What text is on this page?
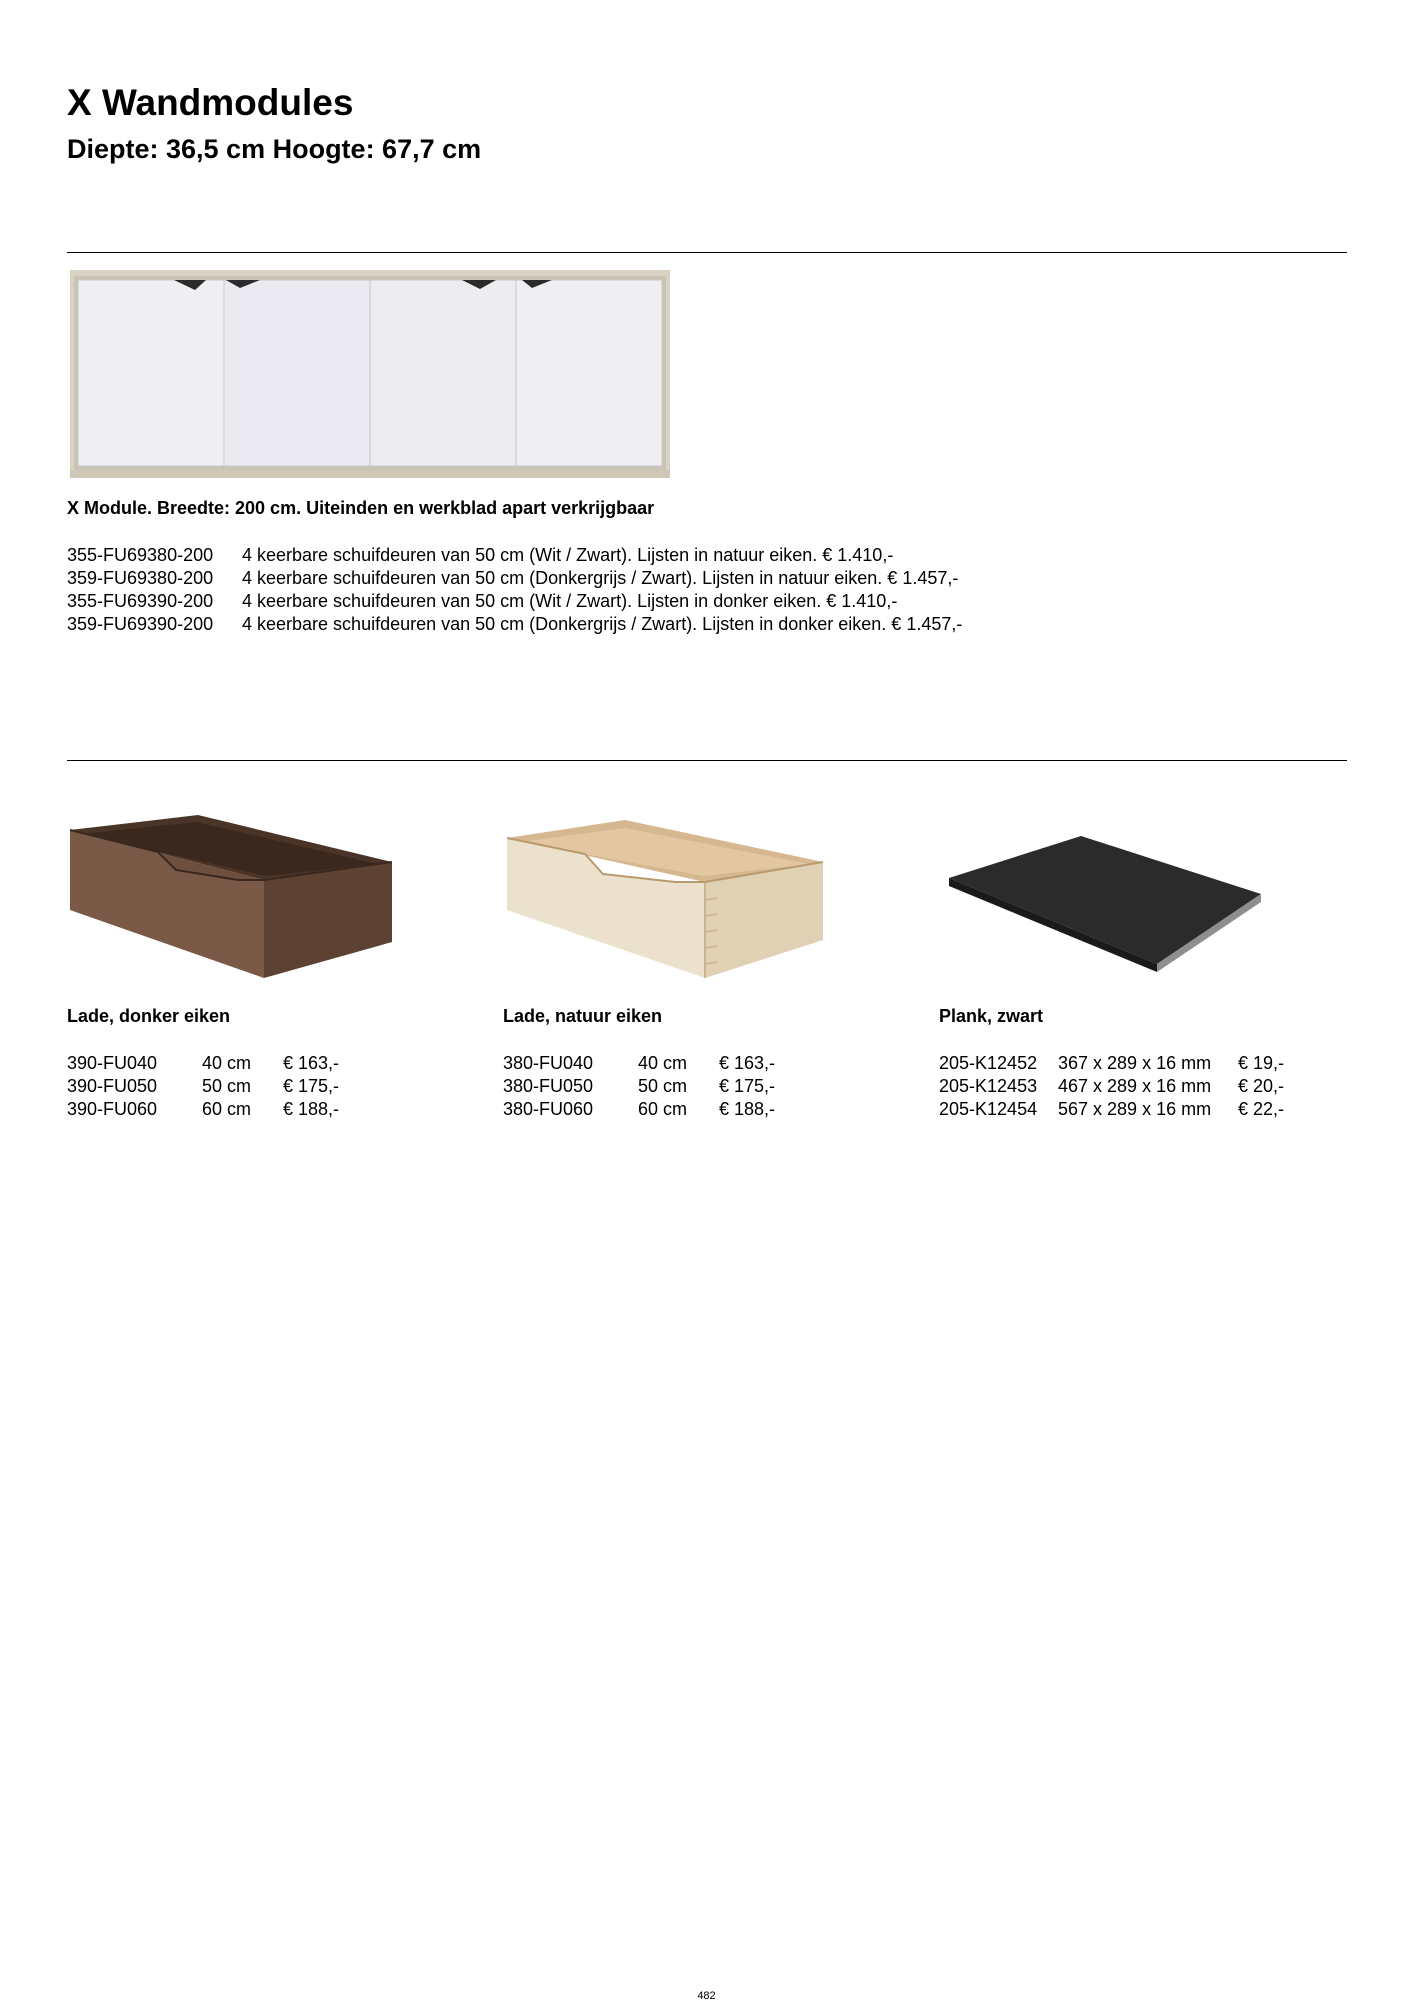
X Wandmodules
Diepte: 36,5 cm Hoogte: 67,7 cm
X Module. Breedte: 200 cm. Uiteinden en werkblad apart verkrijgbaar
355-FU69380-200 4 keerbare schuifdeuren van 50 cm (Wit / Zwart). Lijsten in natuur eiken. € 1.410,-
359-FU69380-200 4 keerbare schuifdeuren van 50 cm (Donkergrijs / Zwart). Lijsten in natuur eiken. € 1.457,-
355-FU69390-200 4 keerbare schuifdeuren van 50 cm (Wit / Zwart). Lijsten in donker eiken. € 1.410,-
359-FU69390-200 4 keerbare schuifdeuren van 50 cm (Donkergrijs / Zwart). Lijsten in donker eiken. € 1.457,-
Lade, donker eiken
390-FU040 40 cm € 163,-
390-FU050 50 cm € 175,-
390-FU060 60 cm € 188,-
Lade, natuur eiken
380-FU040 40 cm € 163,-
380-FU050 50 cm € 175,-
380-FU060 60 cm € 188,-
Plank, zwart
205-K12452 367 x 289 x 16 mm € 19,-
205-K12453 467 x 289 x 16 mm € 20,-
205-K12454 567 x 289 x 16 mm € 22,-
482
